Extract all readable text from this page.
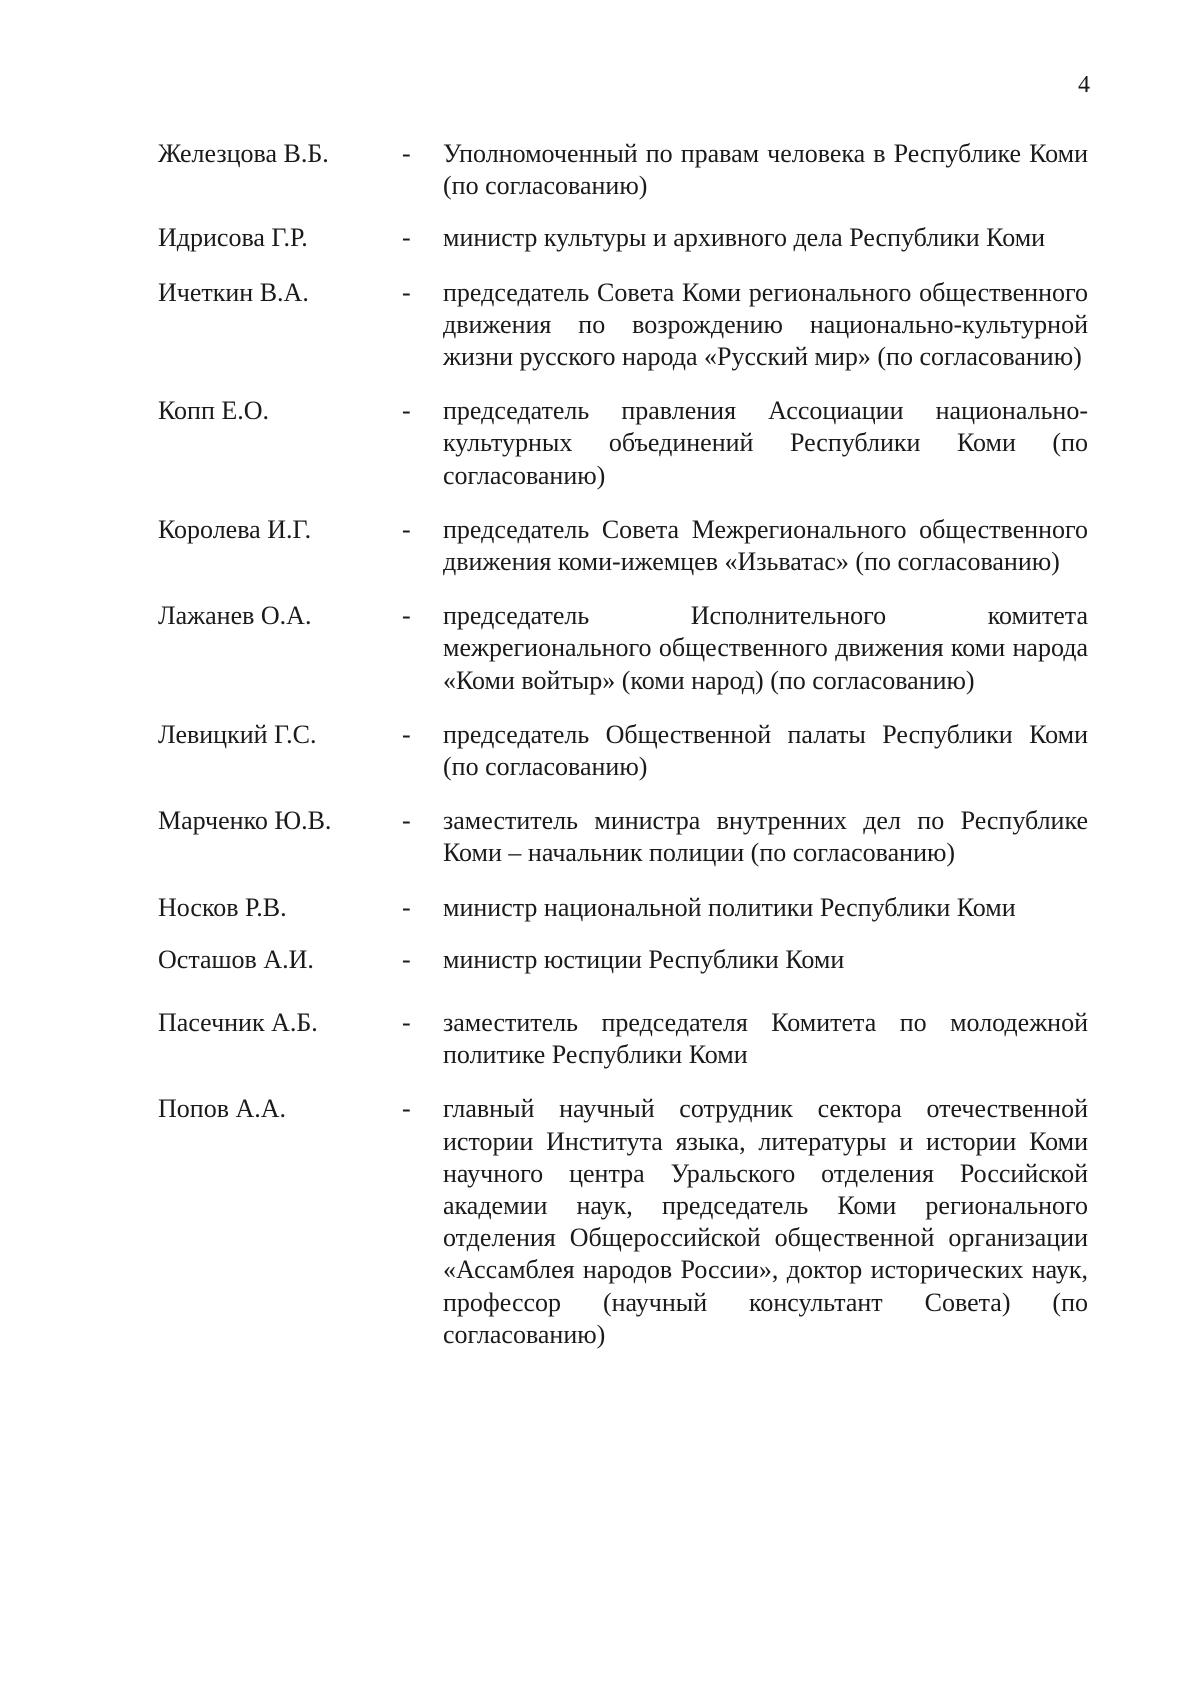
4
Железцова В.Б.	-	Уполномоченный по правам человека в Республике Коми (по согласованию)
Идрисова Г.Р.	-	министр культуры и архивного дела Республики Коми
Ичеткин В.А.	-	председатель Совета Коми регионального общественного движения по возрождению национально-культурной жизни русского народа «Русский мир» (по согласованию)
Копп Е.О.	-	председатель правления Ассоциации национально-культурных объединений Республики Коми (по согласованию)
Королева И.Г.	-	председатель Совета Межрегионального общественного движения коми-ижемцев «Изьватас» (по согласованию)
Лажанев О.А.	-	председатель Исполнительного комитета межрегионального общественного движения коми народа «Коми войтыр» (коми народ) (по согласованию)
Левицкий Г.С.	-	председатель Общественной палаты Республики Коми (по согласованию)
Марченко Ю.В.	-	заместитель министра внутренних дел по Республике Коми – начальник полиции (по согласованию)
Носков Р.В.	-	министр национальной политики Республики Коми
Осташов А.И.	-	министр юстиции Республики Коми
Пасечник А.Б.	-	заместитель председателя Комитета по молодежной политике Республики Коми
Попов А.А.	-	главный научный сотрудник сектора отечественной истории Института языка, литературы и истории Коми научного центра Уральского отделения Российской академии наук, председатель Коми регионального отделения Общероссийской общественной организации «Ассамблея народов России», доктор исторических наук, профессор (научный консультант Совета) (по согласованию)
